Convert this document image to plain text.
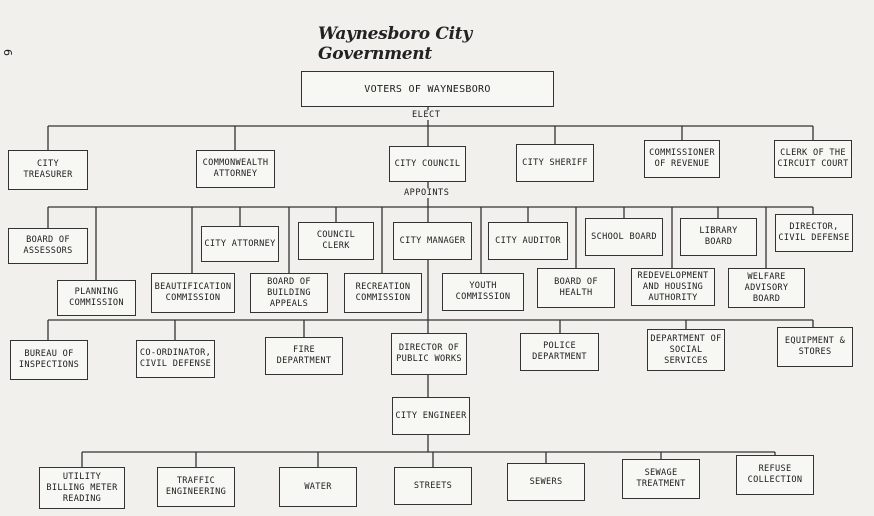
6
Waynesboro City Government
VOTERS OF WAYNESBORO
ELECT
CITY TREASURER
COMMONWEALTH ATTORNEY
CITY COUNCIL	CITY SHERIFF
COMMISSIONER OF REVENUE
CLERK OF THE CIRCUIT COURT
APPOINTS
BOARD OF ASSESSORS
CITY ATTORNEY
COUNCIL CLERK
CITY MANAGER	CITY AUDITOR	SCHOOL BOARD
LIBRARY BOARD
DIRECTOR, CIVIL DEFENSE
PLANNING COMMISSION
BEAUTIFICATION COMMISSION
BOARD OF BUILDING APPEALS
RECREATION COMMISSION
YOUTH COMMISSION
BOARD OF HEALTH
REDEVELOPMENT AND HOUSING AUTHORITY
WELFARE ADVISORY BOARD
BUREAU OF INSPECTIONS
CO-ORDINATOR, CIVIL DEFENSE
FIRE DEPARTMENT
DIRECTOR OF PUBLIC WORKS
POLICE DEPARTMENT
DEPARTMENT OF SOCIAL SERVICES
EQUIPMENT & STORES
CITY ENGINEER
UTILITY BILLING METER READING
TRAFFIC ENGINEERING
WATER	STREETS	SEWERS
SEWAGE TREATMENT
REFUSE COLLECTION
